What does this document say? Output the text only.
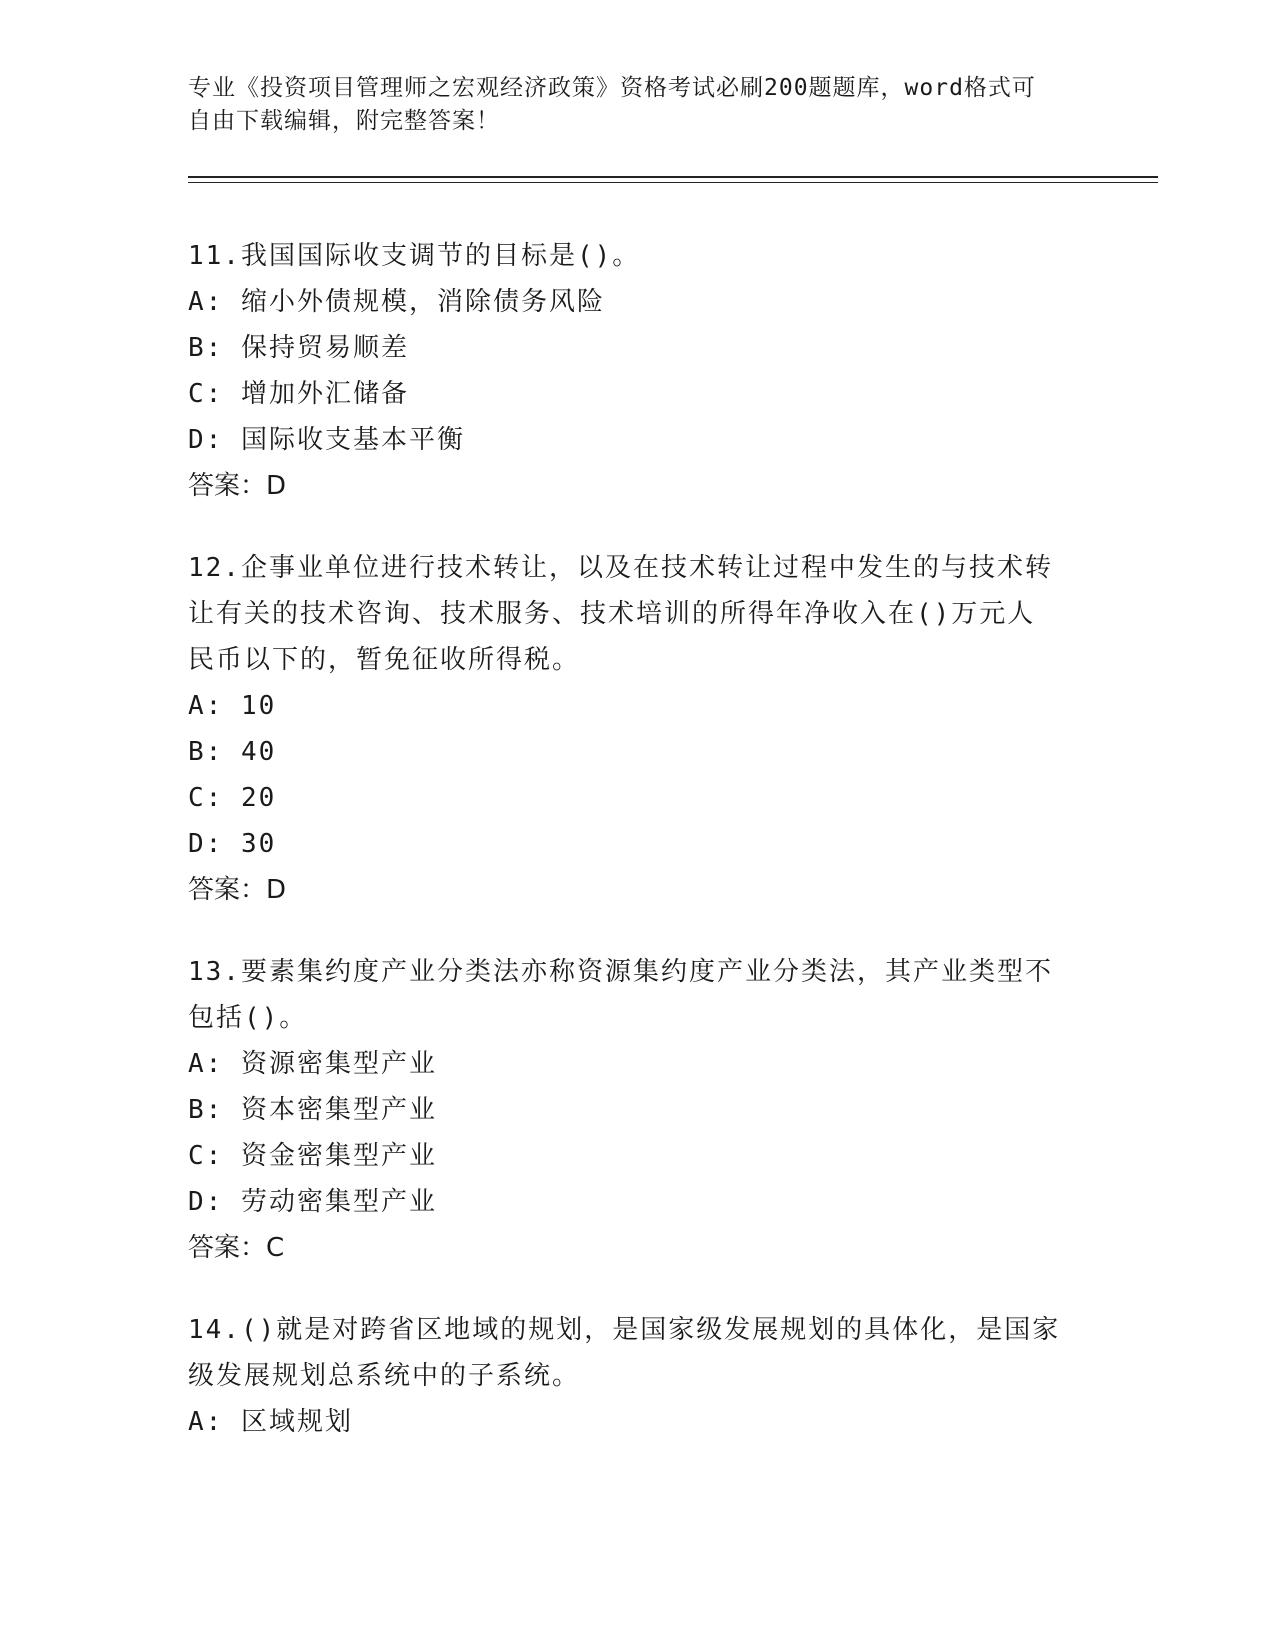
专业《投资项目管理师之宏观经济政策》资格考试必刷200题题库，word格式可
自由下载编辑，附完整答案！

11.我国国际收支调节的目标是()。

A: 缩小外债规模，消除债务风险

B: 保持贸易顺差

C: 增加外汇储备

D: 国际收支基本平衡

答案：D

12.企事业单位进行技术转让，以及在技术转让过程中发生的与技术转

让有关的技术咨询、技术服务、技术培训的所得年净收入在()万元人

民币以下的，暂免征收所得税。

A: 10

B: 40

C: 20

D: 30

答案：D

13.要素集约度产业分类法亦称资源集约度产业分类法，其产业类型不

包括()。

A: 资源密集型产业

B: 资本密集型产业

C: 资金密集型产业

D: 劳动密集型产业

答案：C

14.()就是对跨省区地域的规划，是国家级发展规划的具体化，是国家

级发展规划总系统中的子系统。

A: 区域规划
